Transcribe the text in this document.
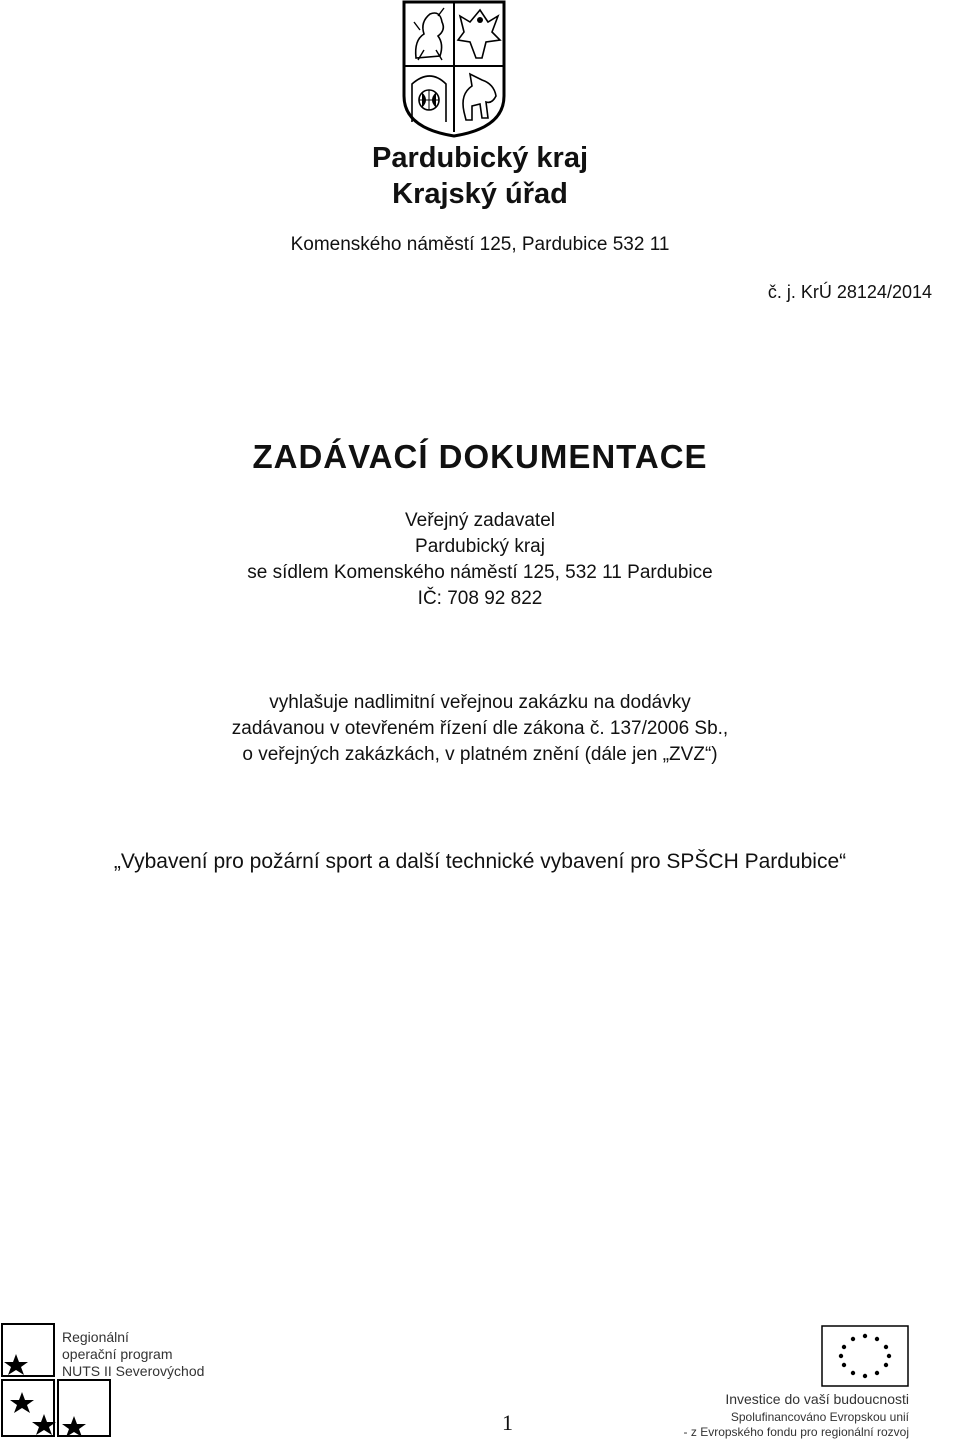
Pardubický kraj
Krajský úřad
Komenského náměstí 125, Pardubice 532 11
č. j. KrÚ 28124/2014
ZADÁVACÍ DOKUMENTACE
Veřejný zadavatel
Pardubický kraj
se sídlem Komenského náměstí 125, 532 11 Pardubice
IČ: 708 92 822
vyhlašuje nadlimitní veřejnou zakázku na dodávky
zadávanou v otevřeném řízení dle zákona č. 137/2006 Sb.,
o veřejných zakázkách, v platném znění (dále jen „ZVZ“)
„Vybavení pro požární sport a další technické vybavení pro SPŠCH Pardubice“
Regionální
operační program
NUTS II Severovýchod
Investice do vaší budoucnosti
Spolufinancováno Evropskou unií
- z Evropského fondu pro regionální rozvoj
1
